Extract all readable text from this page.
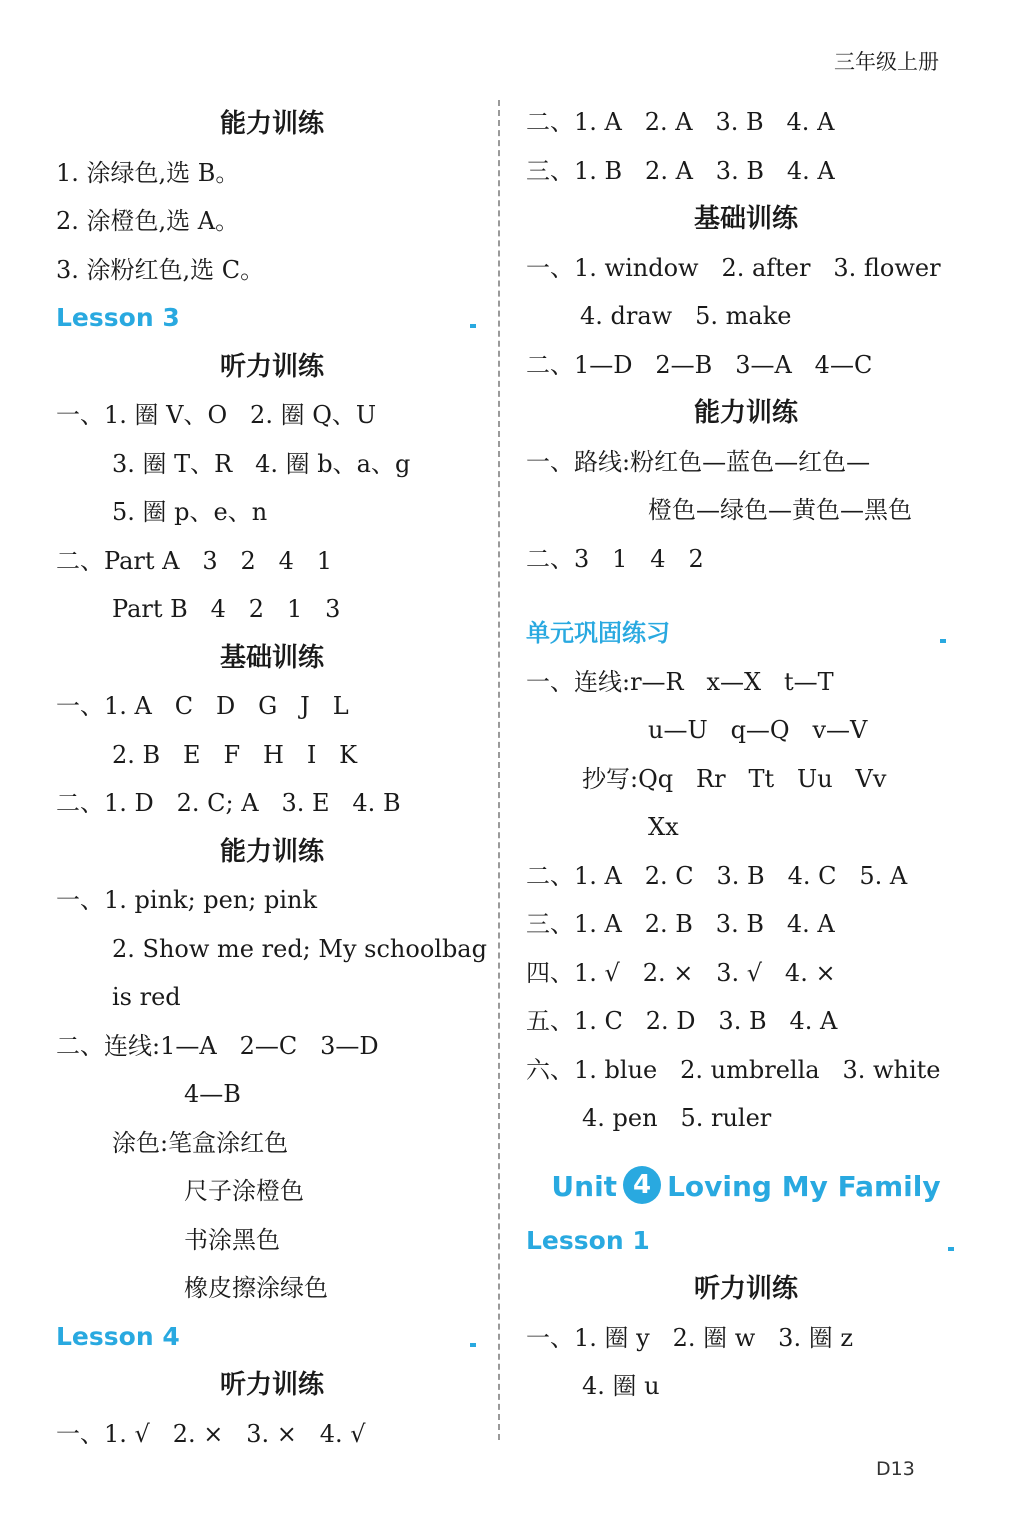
三年级上册
能力训练
1. 涂绿色,选 B。
2. 涂橙色,选 A。
3. 涂粉红色,选 C。
Lesson 3
听力训练
一、1. 圈 V、O   2. 圈 Q、U
3. 圈 T、R   4. 圈 b、a、g
5. 圈 p、e、n
二、Part A   3   2   4   1
Part B   4   2   1   3
基础训练
一、1. A   C   D   G   J   L
2. B   E   F   H   I   K
二、1. D   2. C; A   3. E   4. B
能力训练
一、1. pink; pen; pink
2. Show me red; My schoolbag
is red
二、连线:1—A   2—C   3—D
4—B
涂色:笔盒涂红色
尺子涂橙色
书涂黑色
橡皮擦涂绿色
Lesson 4
听力训练
一、1. √   2. ×   3. ×   4. √
二、1. A   2. A   3. B   4. A
三、1. B   2. A   3. B   4. A
基础训练
一、1. window   2. after   3. flower
4. draw   5. make
二、1—D   2—B   3—A   4—C
能力训练
一、路线:粉红色—蓝色—红色—
橙色—绿色—黄色—黑色
二、3   1   4   2
单元巩固练习
一、连线:r—R   x—X   t—T
u—U   q—Q   v—V
抄写:Qq   Rr   Tt   Uu   Vv
Xx
二、1. A   2. C   3. B   4. C   5. A
三、1. A   2. B   3. B   4. A
四、1. √   2. ×   3. √   4. ×
五、1. C   2. D   3. B   4. A
六、1. blue   2. umbrella   3. white
4. pen   5. ruler
Unit 4 Loving My Family
Lesson 1
听力训练
一、1. 圈 y   2. 圈 w   3. 圈 z
4. 圈 u
D13
